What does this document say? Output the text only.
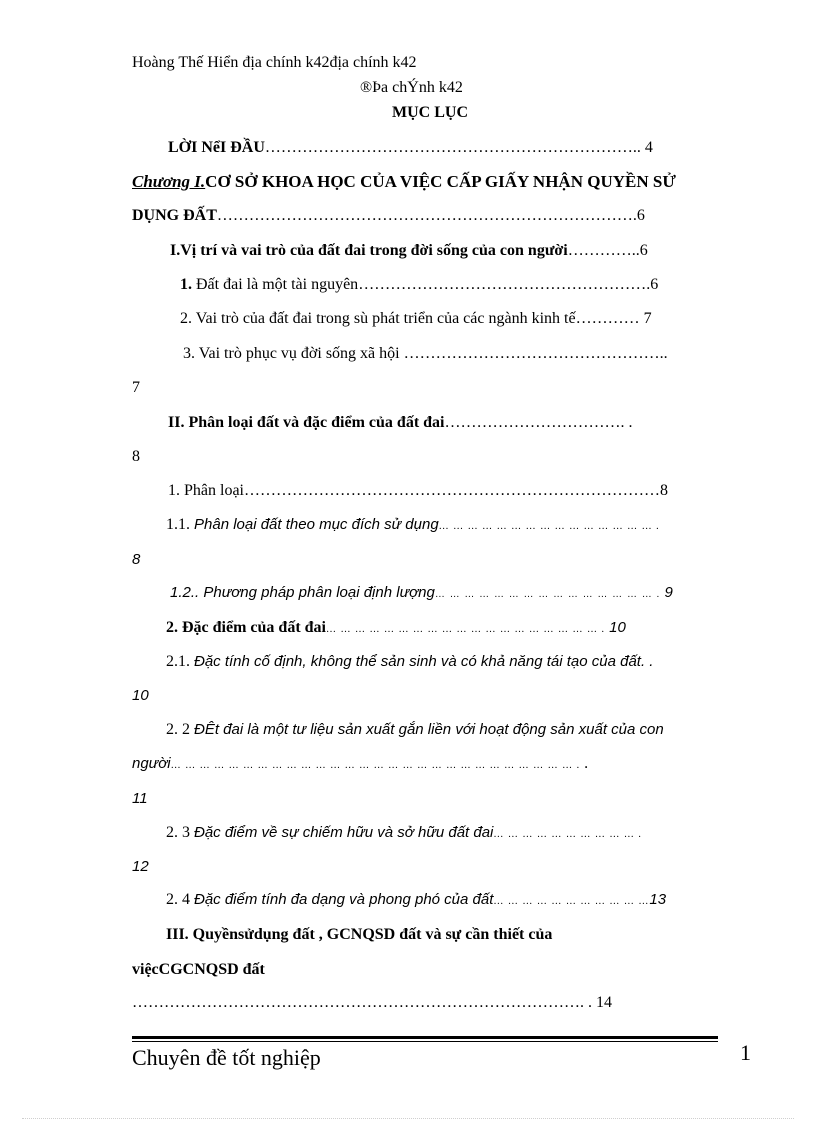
Hoàng Thế Hiển địa chính k42địa chính k42
®Þa chÝnh k42
MỤC LỤC
LỜI NểI ĐẦU…………………………………………………………….. 4
Chương I.CƠ SỞ KHOA HỌC CỦA VIỆC CẤP GIẤY NHẬN QUYỀN SỬ
DỤNG ĐẤT…………………………………………………………………….6
I.Vị trí và vai trò của đất đai trong đời sống của con người…………..6
1. Đất đai là một tài nguyên……………………………………………….6
2. Vai trò của đất đai trong sù phát triển của các ngành kinh tế………… 7
3. Vai trò phục vụ đời sống xã hội …………………………………………..
7
II. Phân loại đất và đặc điểm của đất đai……………………………. .
8
1. Phân loại……………………………………………………………………8
1.1. Phân loại đất theo mục đích sử dụng… … … … … … … … … … … … … … … .
8
1.2.. Phương pháp phân loại định lượng… … … … … … … … … … … … … … … . 9
2. Đặc điểm của đất đai… … … … … … … … … … … … … … … … … … … . 10
2.1. Đặc tính cố định, không thể sản sinh và có khả năng tái tạo của đất. .
10
2. 2 ĐÊt đai là một tư liệu sản xuất gắn liền với hoạt động sản xuất của con
người… … … … … … … … … … … … … … … … … … … … … … … … … … … … . .
11
2. 3 Đặc điểm về sự chiếm hữu và sở hữu đất đai… … … … … … … … … … .
12
2. 4 Đặc điểm tính đa dạng và phong phó của đất… … … … … … … … … … …13
III. Quyềnsửdụng đất , GCNQSD đất và sự cần thiết của
việcCGCNQSD đất
…………………………………………………………………………. . 14
Chuyên đề tốt nghiệp	1
